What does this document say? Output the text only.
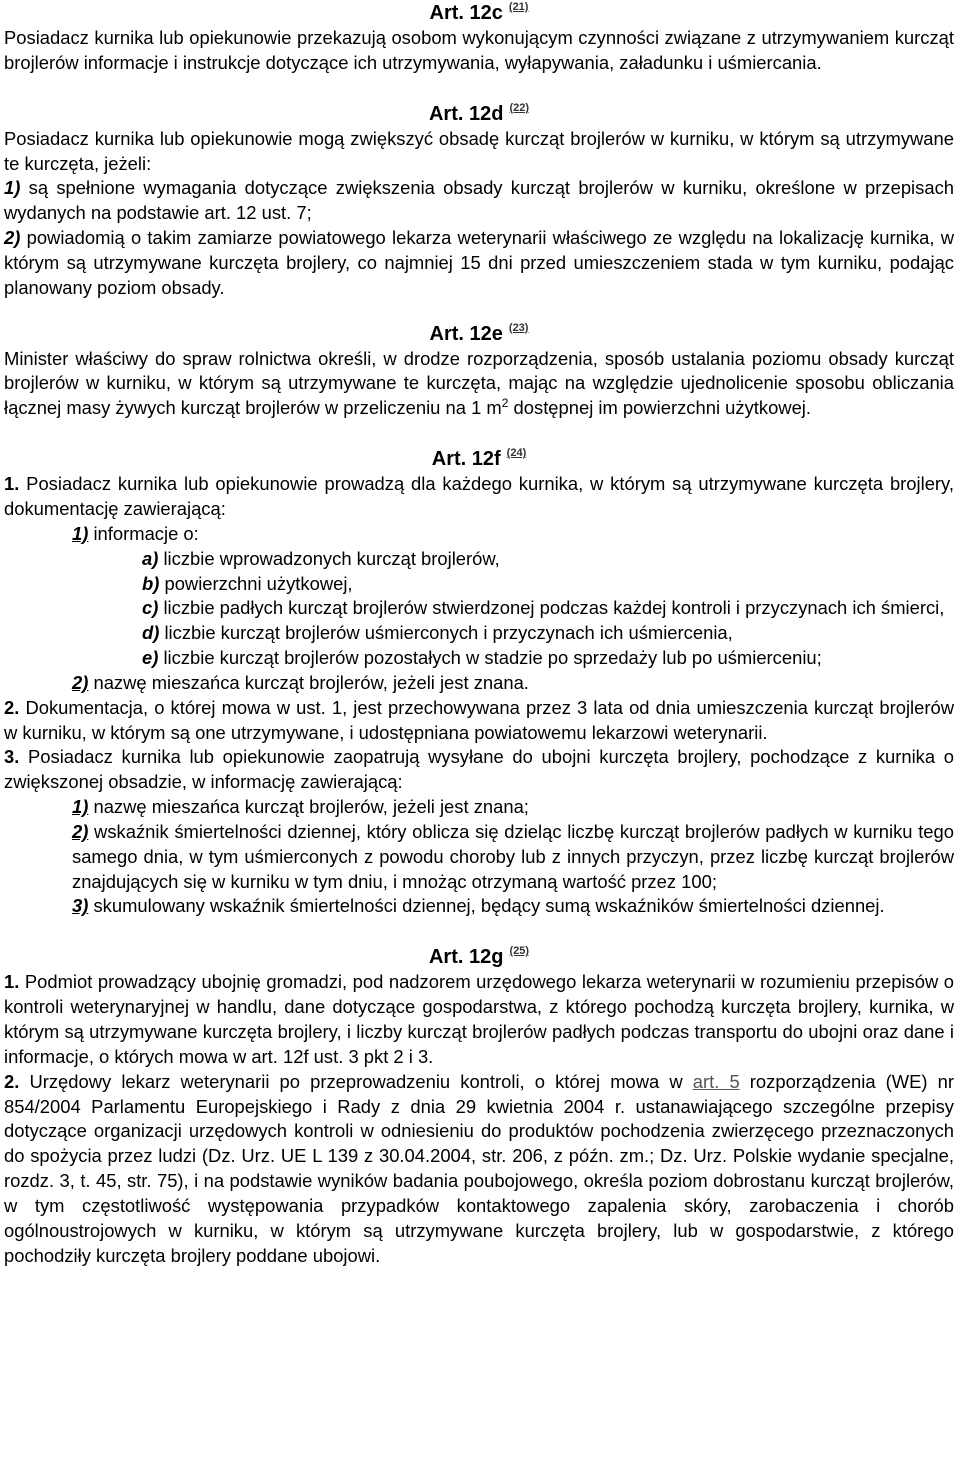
Art. 12c $^{(21)}$

Posiadacz kurnika lub opiekunowie przekazują osobom wykonującym czynności związane z utrzymywaniem kurcząt brojlerów informacje i instrukcje dotyczące ich utrzymywania, wyłapywania, załadunku i uśmiercania.

Art. 12d $^{(22)}$

Posiadacz kurnika lub opiekunowie mogą zwiększyć obsadę kurcząt brojlerów w kurniku, w którym są utrzymywane te kurczęta, jeżeli:

1) są spełnione wymagania dotyczące zwiększenia obsady kurcząt brojlerów w kurniku, określone w przepisach wydanych na podstawie art. 12 ust. 7;

2) powiadomią o takim zamiarze powiatowego lekarza weterynarii właściwego ze względu na lokalizację kurnika, w którym są utrzymywane kurczęta brojlery, co najmniej 15 dni przed umieszczeniem stada w tym kurniku, podając planowany poziom obsady.

Art. 12e $^{(23)}$

Minister właściwy do spraw rolnictwa określi, w drodze rozporządzenia, sposób ustalania poziomu obsady kurcząt brojlerów w kurniku, w którym są utrzymywane te kurczęta, mając na względzie ujednolicenie sposobu obliczania łącznej masy żywych kurcząt brojlerów w przeliczeniu na 1 $m^2$ dostępnej im powierzchni użytkowej.

Art. 12f $^{(24)}$

1. Posiadacz kurnika lub opiekunowie prowadzą dla każdego kurnika, w którym są utrzymywane kurczęta brojlery, dokumentację zawierającą:

1) informacje o:

a) liczbie wprowadzonych kurcząt brojlerów,

b) powierzchni użytkowej,

c) liczbie padłych kurcząt brojlerów stwierdzonej podczas każdej kontroli i przyczynach ich śmierci,

d) liczbie kurcząt brojlerów uśmierconych i przyczynach ich uśmiercenia,

e) liczbie kurcząt brojlerów pozostałych w stadzie po sprzedaży lub po uśmierceniu;

2) nazwę mieszańca kurcząt brojlerów, jeżeli jest znana.

2. Dokumentacja, o której mowa w ust. 1, jest przechowywana przez 3 lata od dnia umieszczenia kurcząt brojlerów w kurniku, w którym są one utrzymywane, i udostępniana powiatowemu lekarzowi weterynarii.

3. Posiadacz kurnika lub opiekunowie zaopatrują wysyłane do ubojni kurczęta brojlery, pochodzące z kurnika o zwiększonej obsadzie, w informację zawierającą:

1) nazwę mieszańca kurcząt brojlerów, jeżeli jest znana;

2) wskaźnik śmiertelności dziennej, który oblicza się dzieląc liczbę kurcząt brojlerów padłych w kurniku tego samego dnia, w tym uśmierconych z powodu choroby lub z innych przyczyn, przez liczbę kurcząt brojlerów znajdujących się w kurniku w tym dniu, i mnożąc otrzymaną wartość przez 100;

3) skumulowany wskaźnik śmiertelności dziennej, będący sumą wskaźników śmiertelności dziennej.

Art. 12g $^{(25)}$

1. Podmiot prowadzący ubojnię gromadzi, pod nadzorem urzędowego lekarza weterynarii w rozumieniu przepisów o kontroli weterynaryjnej w handlu, dane dotyczące gospodarstwa, z którego pochodzą kurczęta brojlery, kurnika, w którym są utrzymywane kurczęta brojlery, i liczby kurcząt brojlerów padłych podczas transportu do ubojni oraz dane i informacje, o których mowa w art. 12f ust. 3 pkt 2 i 3.

2. Urzędowy lekarz weterynarii po przeprowadzeniu kontroli, o której mowa w art. 5 rozporządzenia (WE) nr 854/2004 Parlamentu Europejskiego i Rady z dnia 29 kwietnia 2004 r. ustanawiającego szczególne przepisy dotyczące organizacji urzędowych kontroli w odniesieniu do produktów pochodzenia zwierzęcego przeznaczonych do spożycia przez ludzi (Dz. Urz. UE L 139 z 30.04.2004, str. 206, z późn. zm.; Dz. Urz. Polskie wydanie specjalne, rozdz. 3, t. 45, str. 75), i na podstawie wyników badania poubojowego, określa poziom dobrostanu kurcząt brojlerów, w tym częstotliwość występowania przypadków kontaktowego zapalenia skóry, zarobaczenia i chorób ogólnoustrojowych w kurniku, w którym są utrzymywane kurczęta brojlery, lub w gospodarstwie, z którego pochodziły kurczęta brojlery poddane ubojowi.
